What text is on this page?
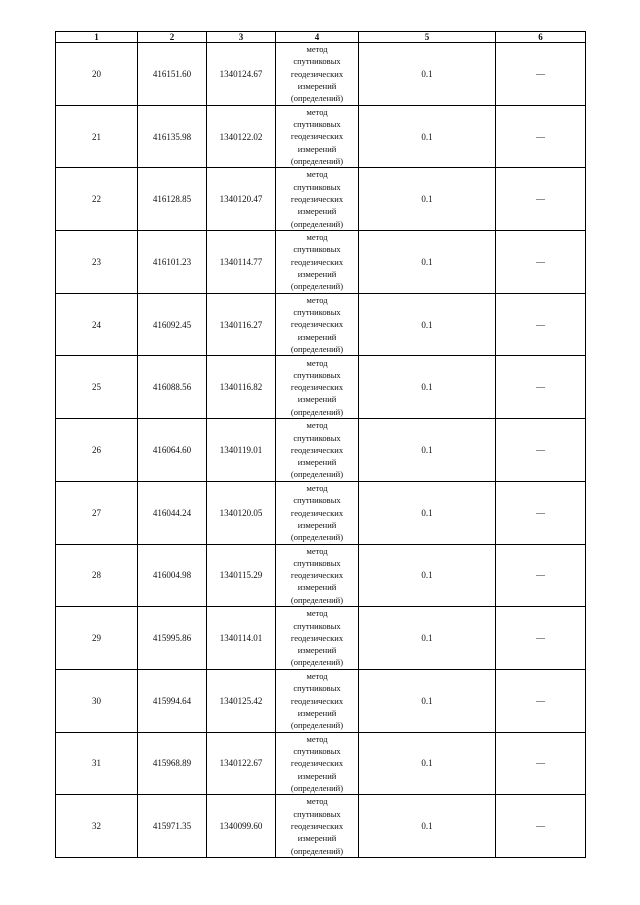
1	2	3	4	5	6
20	416151.60	1340124.67	метод
спутниковых
геодезических
измерений
(определений)	0.1	—
21	416135.98	1340122.02	метод
спутниковых
геодезических
измерений
(определений)	0.1	—
22	416128.85	1340120.47	метод
спутниковых
геодезических
измерений
(определений)	0.1	—
23	416101.23	1340114.77	метод
спутниковых
геодезических
измерений
(определений)	0.1	—
24	416092.45	1340116.27	метод
спутниковых
геодезических
измерений
(определений)	0.1	—
25	416088.56	1340116.82	метод
спутниковых
геодезических
измерений
(определений)	0.1	—
26	416064.60	1340119.01	метод
спутниковых
геодезических
измерений
(определений)	0.1	—
27	416044.24	1340120.05	метод
спутниковых
геодезических
измерений
(определений)	0.1	—
28	416004.98	1340115.29	метод
спутниковых
геодезических
измерений
(определений)	0.1	—
29	415995.86	1340114.01	метод
спутниковых
геодезических
измерений
(определений)	0.1	—
30	415994.64	1340125.42	метод
спутниковых
геодезических
измерений
(определений)	0.1	—
31	415968.89	1340122.67	метод
спутниковых
геодезических
измерений
(определений)	0.1	—
32	415971.35	1340099.60	метод
спутниковых
геодезических
измерений
(определений)	0.1	—
